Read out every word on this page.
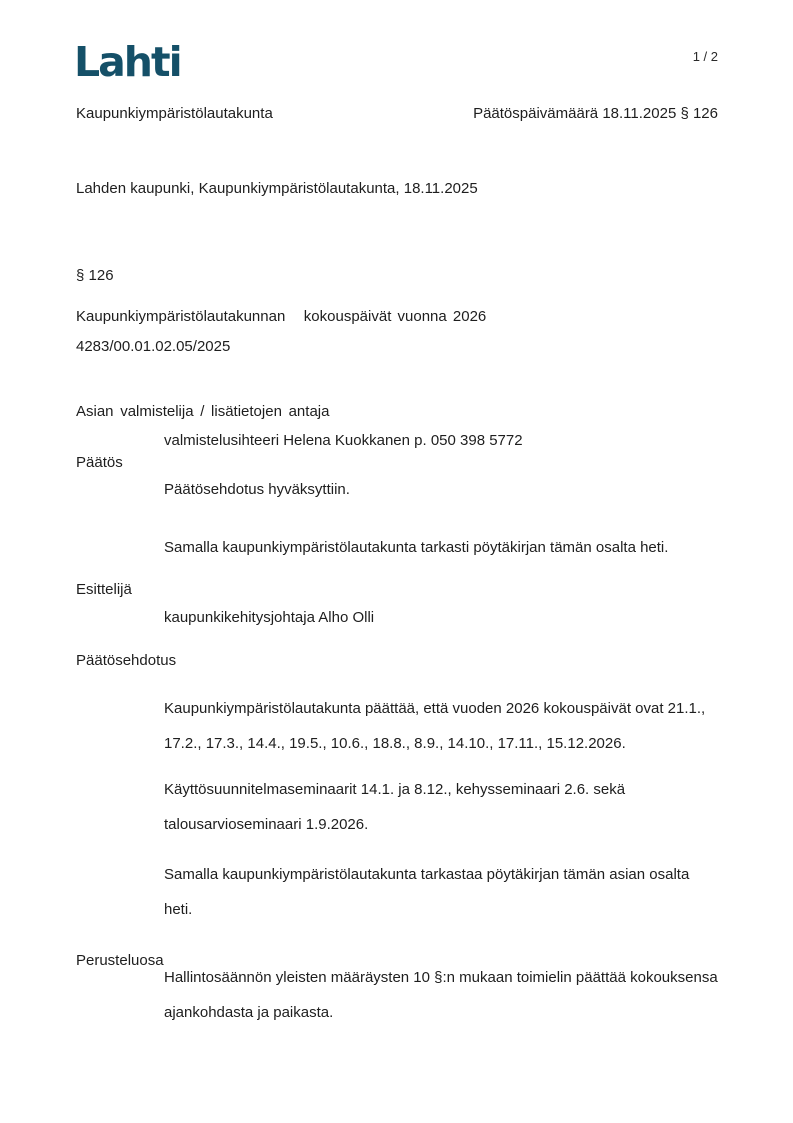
Lahti	1 / 2
Kaupunkiympäristölautakunta	Päätöspäivämäärä 18.11.2025 § 126
Lahden kaupunki, Kaupunkiympäristölautakunta, 18.11.2025
§ 126
Kaupunkiympäristölautakunnan   kokouspäivät vuonna 2026
4283/00.01.02.05/2025
Asian valmistelija / lisätietojen antaja
valmistelusihteeri Helena Kuokkanen p. 050 398 5772
Päätös
Päätösehdotus hyväksyttiin.
Samalla kaupunkiympäristölautakunta tarkasti pöytäkirjan tämän osalta heti.
Esittelijä
kaupunkikehitysjohtaja Alho Olli
Päätösehdotus
Kaupunkiympäristölautakunta päättää, että vuoden 2026 kokouspäivät ovat 21.1.,
17.2., 17.3., 14.4., 19.5., 10.6., 18.8., 8.9., 14.10., 17.11., 15.12.2026.
Käyttösuunnitelmaseminaarit 14.1. ja 8.12., kehysseminaari 2.6. sekä
talousarvioseminaari 1.9.2026.
Samalla kaupunkiympäristölautakunta tarkastaa pöytäkirjan tämän asian osalta
heti.
Perusteluosa
Hallintosäännön yleisten määräysten 10 §:n mukaan toimielin päättää kokouksensa
ajankohdasta ja paikasta.
